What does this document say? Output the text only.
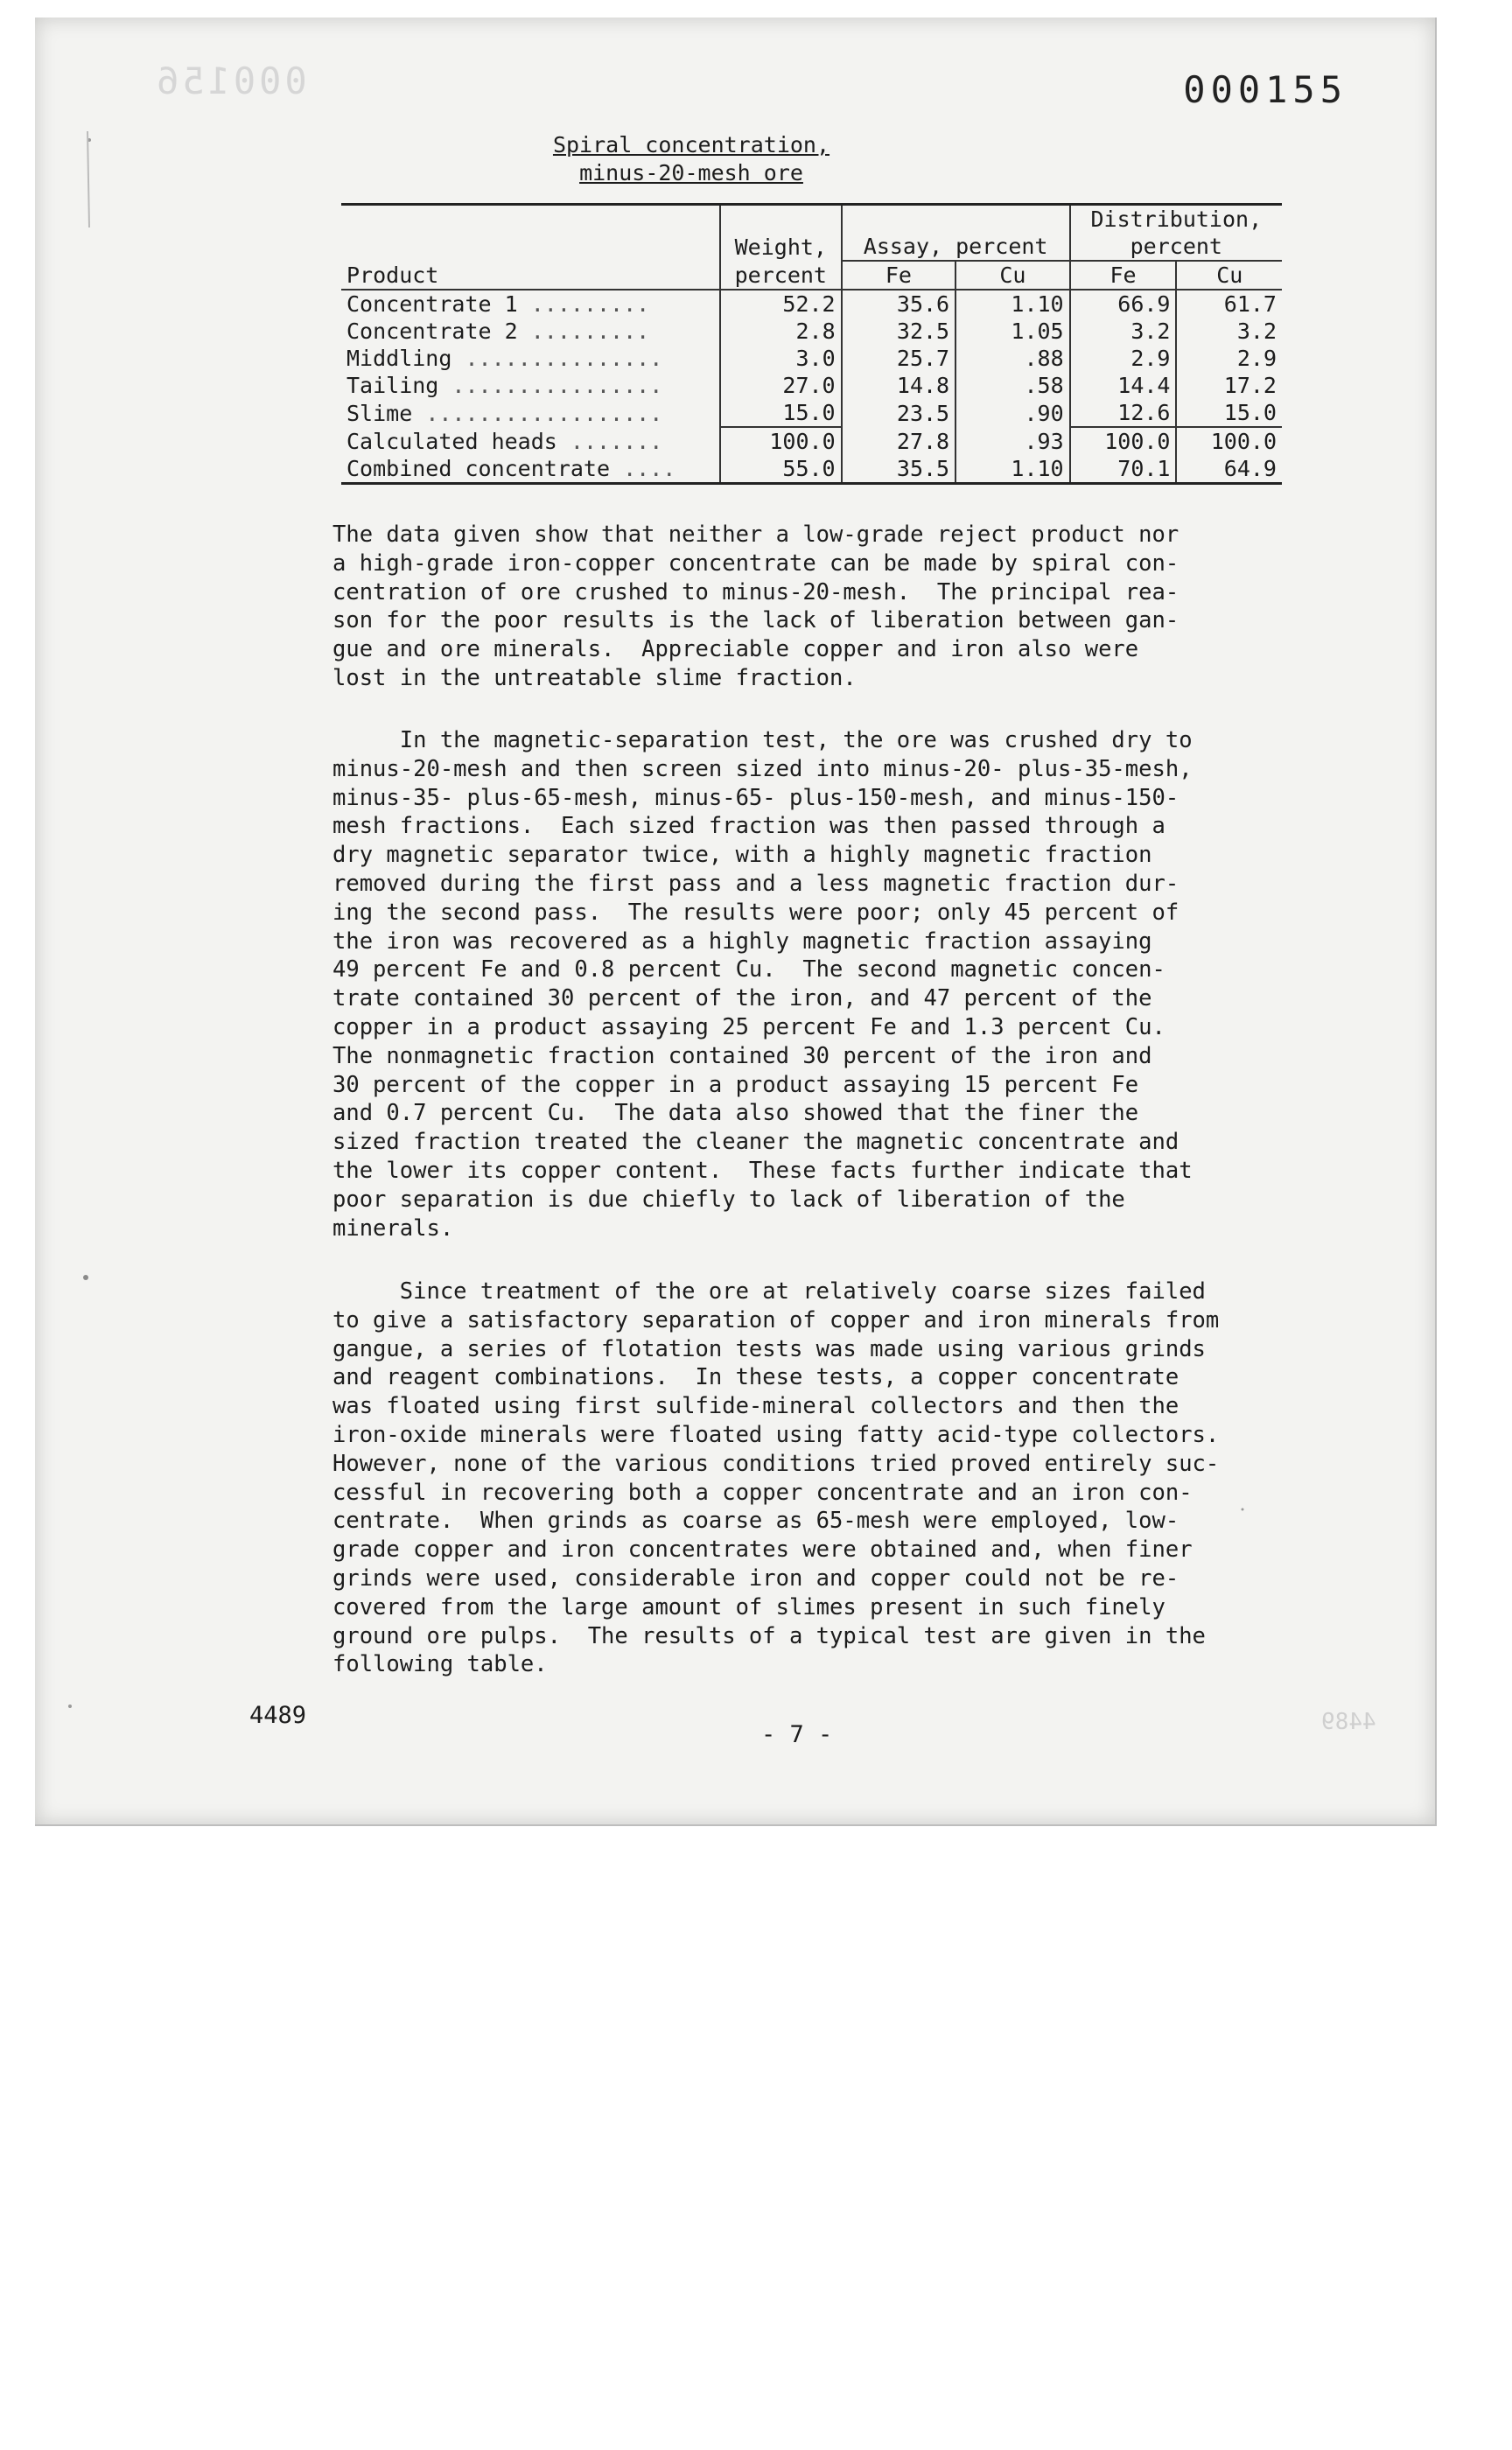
000156	000155
Spiral concentration,
minus-20-mesh ore
Product				Distribution,	
	Weight,	Assay, percent		percent	
	percent	Fe	Cu	Fe	Cu
Concentrate 1 .........	52.2	35.6	1.10	66.9	61.7
Concentrate 2 .........	2.8	32.5	1.05	3.2	3.2
Middling ...............	3.0	25.7	.88	2.9	2.9
Tailing ................	27.0	14.8	.58	14.4	17.2
Slime ..................	15.0	23.5	.90	12.6	15.0
Calculated heads .......	100.0	27.8	.93	100.0	100.0
Combined concentrate ....	55.0	35.5	1.10	70.1	64.9
The data given show that neither a low-grade reject product nor
a high-grade iron-copper concentrate can be made by spiral con-
centration of ore crushed to minus-20-mesh.  The principal rea-
son for the poor results is the lack of liberation between gan-
gue and ore minerals.  Appreciable copper and iron also were
lost in the untreatable slime fraction.
In the magnetic-separation test, the ore was crushed dry to
minus-20-mesh and then screen sized into minus-20- plus-35-mesh,
minus-35- plus-65-mesh, minus-65- plus-150-mesh, and minus-150-
mesh fractions.  Each sized fraction was then passed through a
dry magnetic separator twice, with a highly magnetic fraction
removed during the first pass and a less magnetic fraction dur-
ing the second pass.  The results were poor; only 45 percent of
the iron was recovered as a highly magnetic fraction assaying
49 percent Fe and 0.8 percent Cu.  The second magnetic concen-
trate contained 30 percent of the iron, and 47 percent of the
copper in a product assaying 25 percent Fe and 1.3 percent Cu.
The nonmagnetic fraction contained 30 percent of the iron and
30 percent of the copper in a product assaying 15 percent Fe
and 0.7 percent Cu.  The data also showed that the finer the
sized fraction treated the cleaner the magnetic concentrate and
the lower its copper content.  These facts further indicate that
poor separation is due chiefly to lack of liberation of the
minerals.
Since treatment of the ore at relatively coarse sizes failed
to give a satisfactory separation of copper and iron minerals from
gangue, a series of flotation tests was made using various grinds
and reagent combinations.  In these tests, a copper concentrate
was floated using first sulfide-mineral collectors and then the
iron-oxide minerals were floated using fatty acid-type collectors.
However, none of the various conditions tried proved entirely suc-
cessful in recovering both a copper concentrate and an iron con-
centrate.  When grinds as coarse as 65-mesh were employed, low-
grade copper and iron concentrates were obtained and, when finer
grinds were used, considerable iron and copper could not be re-
covered from the large amount of slimes present in such finely
ground ore pulps.  The results of a typical test are given in the
following table.
4489
- 7 -	4489
